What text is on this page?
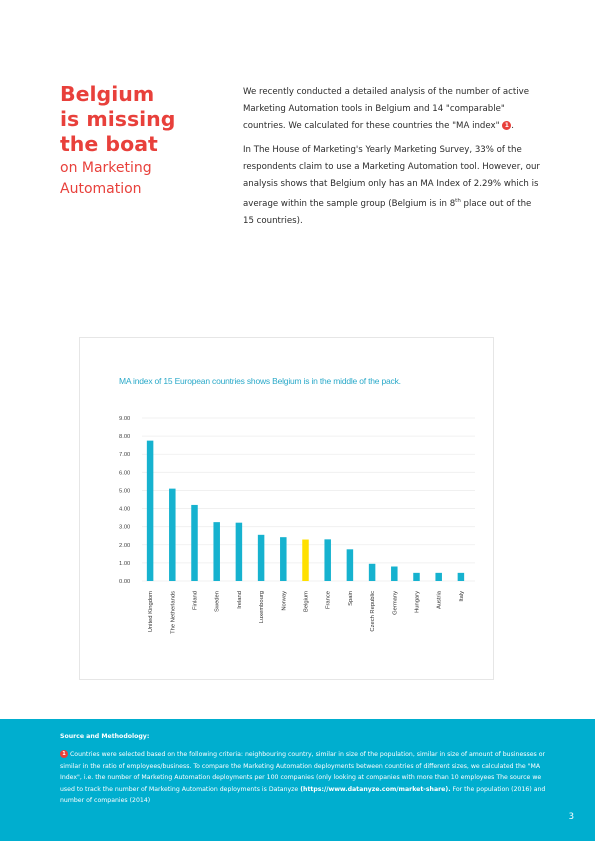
Belgium
is missing
the boat
on Marketing
Automation

We recently conducted a detailed analysis of the number of active Marketing Automation tools in Belgium and 14 "comparable" countries. We calculated for these countries the "MA index" 1 .

In The House of Marketing's Yearly Marketing Survey, 33% of the respondents claim to use a Marketing Automation tool. However, our analysis shows that Belgium only has an MA Index of 2.29% which is average within the sample group (Belgium is in 8th place out of the 15 countries).

MA index of 15 European countries shows Belgium is in the middle of the pack.
0.00
1.00
2.00
3.00
4.00
5.00
6.00
7.00
8.00
9.00
United Kingdom	The Netherlands	Finland	Sweden	Ireland	Luxembourg	Norway	Belgium	France	Spain	Czech Republic	Germany	Hungary	Austria	Italy
Source and Methodology:
1 Countries were selected based on the following criteria: neighbouring country, similar in size of the population, similar in size of amount of businesses or similar in the ratio of employees/business. To compare the Marketing Automation deployments between countries of different sizes, we calculated the "MA Index", i.e. the number of Marketing Automation deployments per 100 companies (only looking at companies with more than 10 employees The source we used to track the number of Marketing Automation deployments is Datanyze (https://www.datanyze.com/market-share). For the population (2016) and number of companies (2014)
3
